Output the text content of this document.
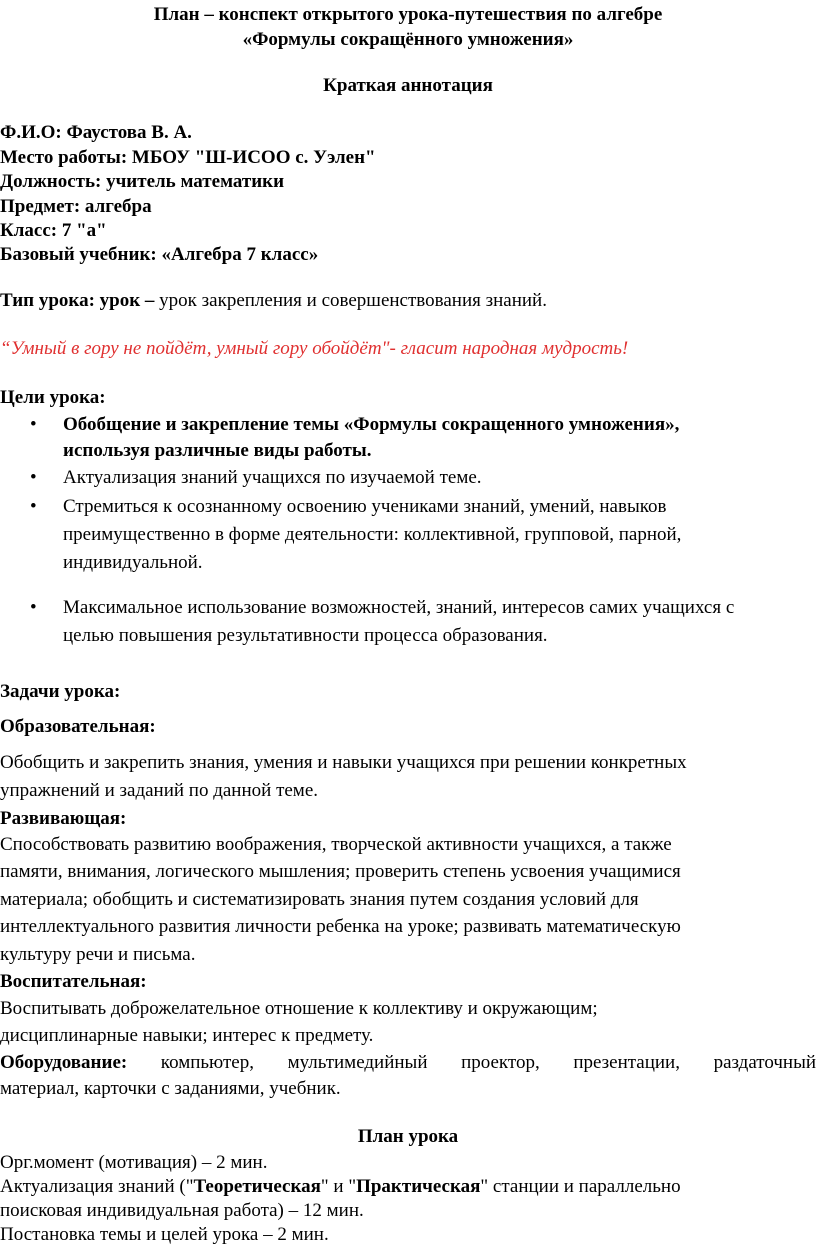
План – конспект открытого урока-путешествия по алгебре
«Формулы сокращённого умножения»
Краткая аннотация
Ф.И.О: Фаустова В. А.
Место работы: МБОУ "Ш-ИСОО с. Уэлен"
Должность: учитель математики
Предмет: алгебра
Класс: 7 "а"
Базовый учебник: «Алгебра 7 класс»
Тип урока: урок – урок закрепления и совершенствования знаний.
“Умный в гору не пойдёт, умный гору обойдёт"- гласит народная мудрость!
Цели урока:
• Обобщение и закрепление темы «Формулы сокращенного умножения»,
используя различные виды работы.
• Актуализация знаний учащихся по изучаемой теме.
• Стремиться к осознанному освоению учениками знаний, умений, навыков
преимущественно в форме деятельности: коллективной, групповой, парной,
индивидуальной.
• Максимальное использование возможностей, знаний, интересов самих учащихся с
целью повышения результативности процесса образования.
Задачи урока:
Образовательная:
Обобщить и закрепить знания, умения и навыки учащихся при решении конкретных
упражнений и заданий по данной теме.
Развивающая:
Способствовать развитию воображения, творческой активности учащихся, а также
памяти, внимания, логического мышления; проверить степень усвоения учащимися
материала; обобщить и систематизировать знания путем создания условий для
интеллектуального развития личности ребенка на уроке; развивать математическую
культуру речи и письма.
Воспитательная:
Воспитывать доброжелательное отношение к коллективу и окружающим;
дисциплинарные навыки; интерес к предмету.
Оборудование: компьютер, мультимедийный проектор, презентации, раздаточный
материал, карточки с заданиями, учебник.
План урока
Орг.момент (мотивация) – 2 мин.
Актуализация знаний ("Теоретическая" и "Практическая" станции и параллельно
поисковая индивидуальная работа) – 12 мин.
Постановка темы и целей урока – 2 мин.
